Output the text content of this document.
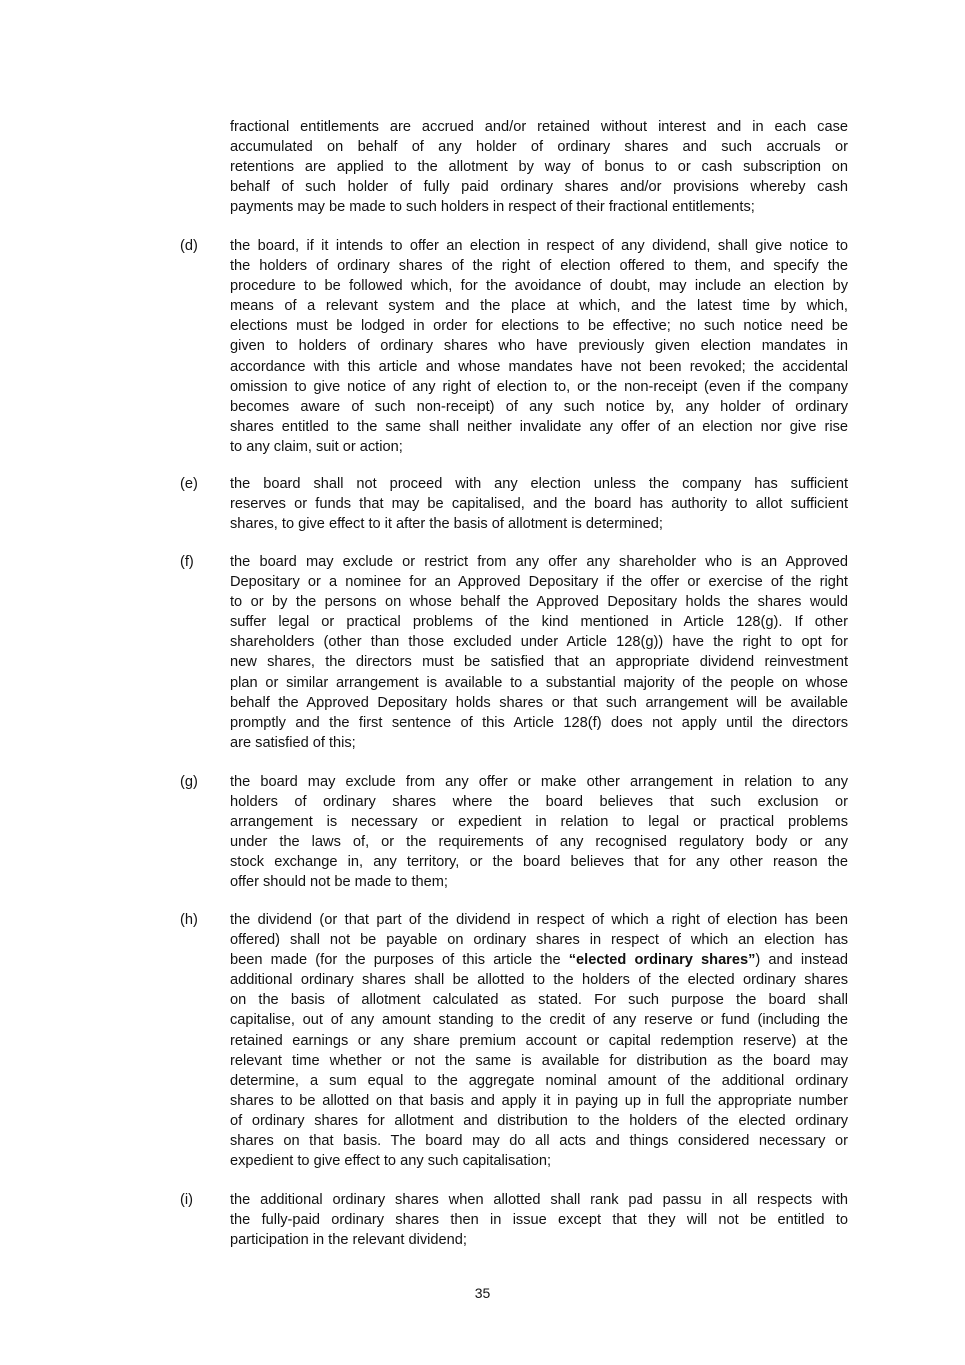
fractional entitlements are accrued and/or retained without interest and in each case
accumulated on behalf of any holder of ordinary shares and such accruals or
retentions are applied to the allotment by way of bonus to or cash subscription on
behalf of such holder of fully paid ordinary shares and/or provisions whereby cash
payments may be made to such holders in respect of their fractional entitlements;
(d) the board, if it intends to offer an election in respect of any dividend, shall give notice to
the holders of ordinary shares of the right of election offered to them, and specify the
procedure to be followed which, for the avoidance of doubt, may include an election by
means of a relevant system and the place at which, and the latest time by which,
elections must be lodged in order for elections to be effective; no such notice need be
given to holders of ordinary shares who have previously given election mandates in
accordance with this article and whose mandates have not been revoked; the accidental
omission to give notice of any right of election to, or the non-receipt (even if the company
becomes aware of such non-receipt) of any such notice by, any holder of ordinary
shares entitled to the same shall neither invalidate any offer of an election nor give rise
to any claim, suit or action;
(e) the board shall not proceed with any election unless the company has sufficient
reserves or funds that may be capitalised, and the board has authority to allot sufficient
shares, to give effect to it after the basis of allotment is determined;
(f) the board may exclude or restrict from any offer any shareholder who is an Approved
Depositary or a nominee for an Approved Depositary if the offer or exercise of the right
to or by the persons on whose behalf the Approved Depositary holds the shares would
suffer legal or practical problems of the kind mentioned in Article 128(g). If other
shareholders (other than those excluded under Article 128(g)) have the right to opt for
new shares, the directors must be satisfied that an appropriate dividend reinvestment
plan or similar arrangement is available to a substantial majority of the people on whose
behalf the Approved Depositary holds shares or that such arrangement will be available
promptly and the first sentence of this Article 128(f) does not apply until the directors
are satisfied of this;
(g) the board may exclude from any offer or make other arrangement in relation to any
holders of ordinary shares where the board believes that such exclusion or
arrangement is necessary or expedient in relation to legal or practical problems
under the laws of, or the requirements of any recognised regulatory body or any
stock exchange in, any territory, or the board believes that for any other reason the
offer should not be made to them;
(h) the dividend (or that part of the dividend in respect of which a right of election has been
offered) shall not be payable on ordinary shares in respect of which an election has
been made (for the purposes of this article the “elected ordinary shares”) and instead
additional ordinary shares shall be allotted to the holders of the elected ordinary shares
on the basis of allotment calculated as stated. For such purpose the board shall
capitalise, out of any amount standing to the credit of any reserve or fund (including the
retained earnings or any share premium account or capital redemption reserve) at the
relevant time whether or not the same is available for distribution as the board may
determine, a sum equal to the aggregate nominal amount of the additional ordinary
shares to be allotted on that basis and apply it in paying up in full the appropriate number
of ordinary shares for allotment and distribution to the holders of the elected ordinary
shares on that basis. The board may do all acts and things considered necessary or
expedient to give effect to any such capitalisation;
(i)	the additional ordinary shares when allotted shall rank pad passu in all respects with
the fully-paid ordinary shares then in issue except that they will not be entitled to
participation in the relevant dividend;
35
